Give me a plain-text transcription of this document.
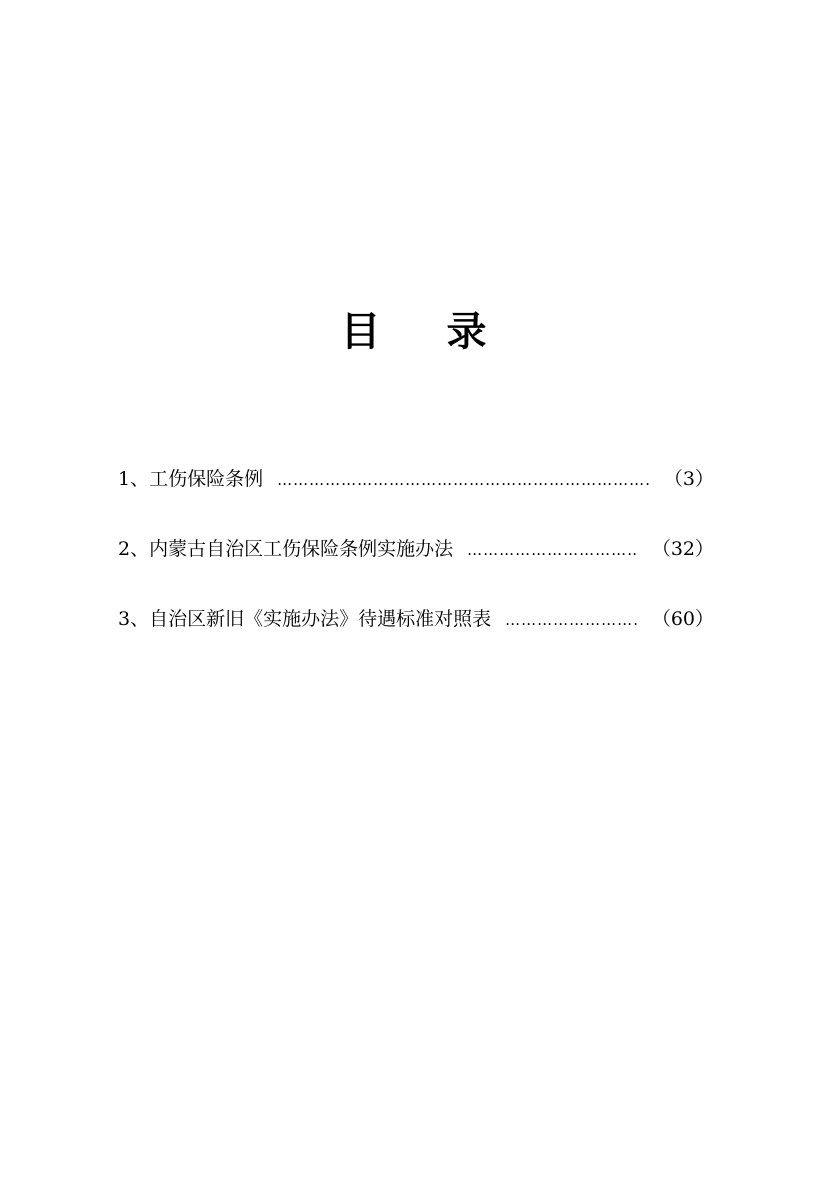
目 录
1、工伤保险条例 …………………………………………………………………………………………………………	（3）
2、内蒙古自治区工伤保险条例实施办法 …………………………………………………………………………………………………………	（32）
3、自治区新旧《实施办法》待遇标准对照表 …………………………………………………………………………………………………………	（60）
